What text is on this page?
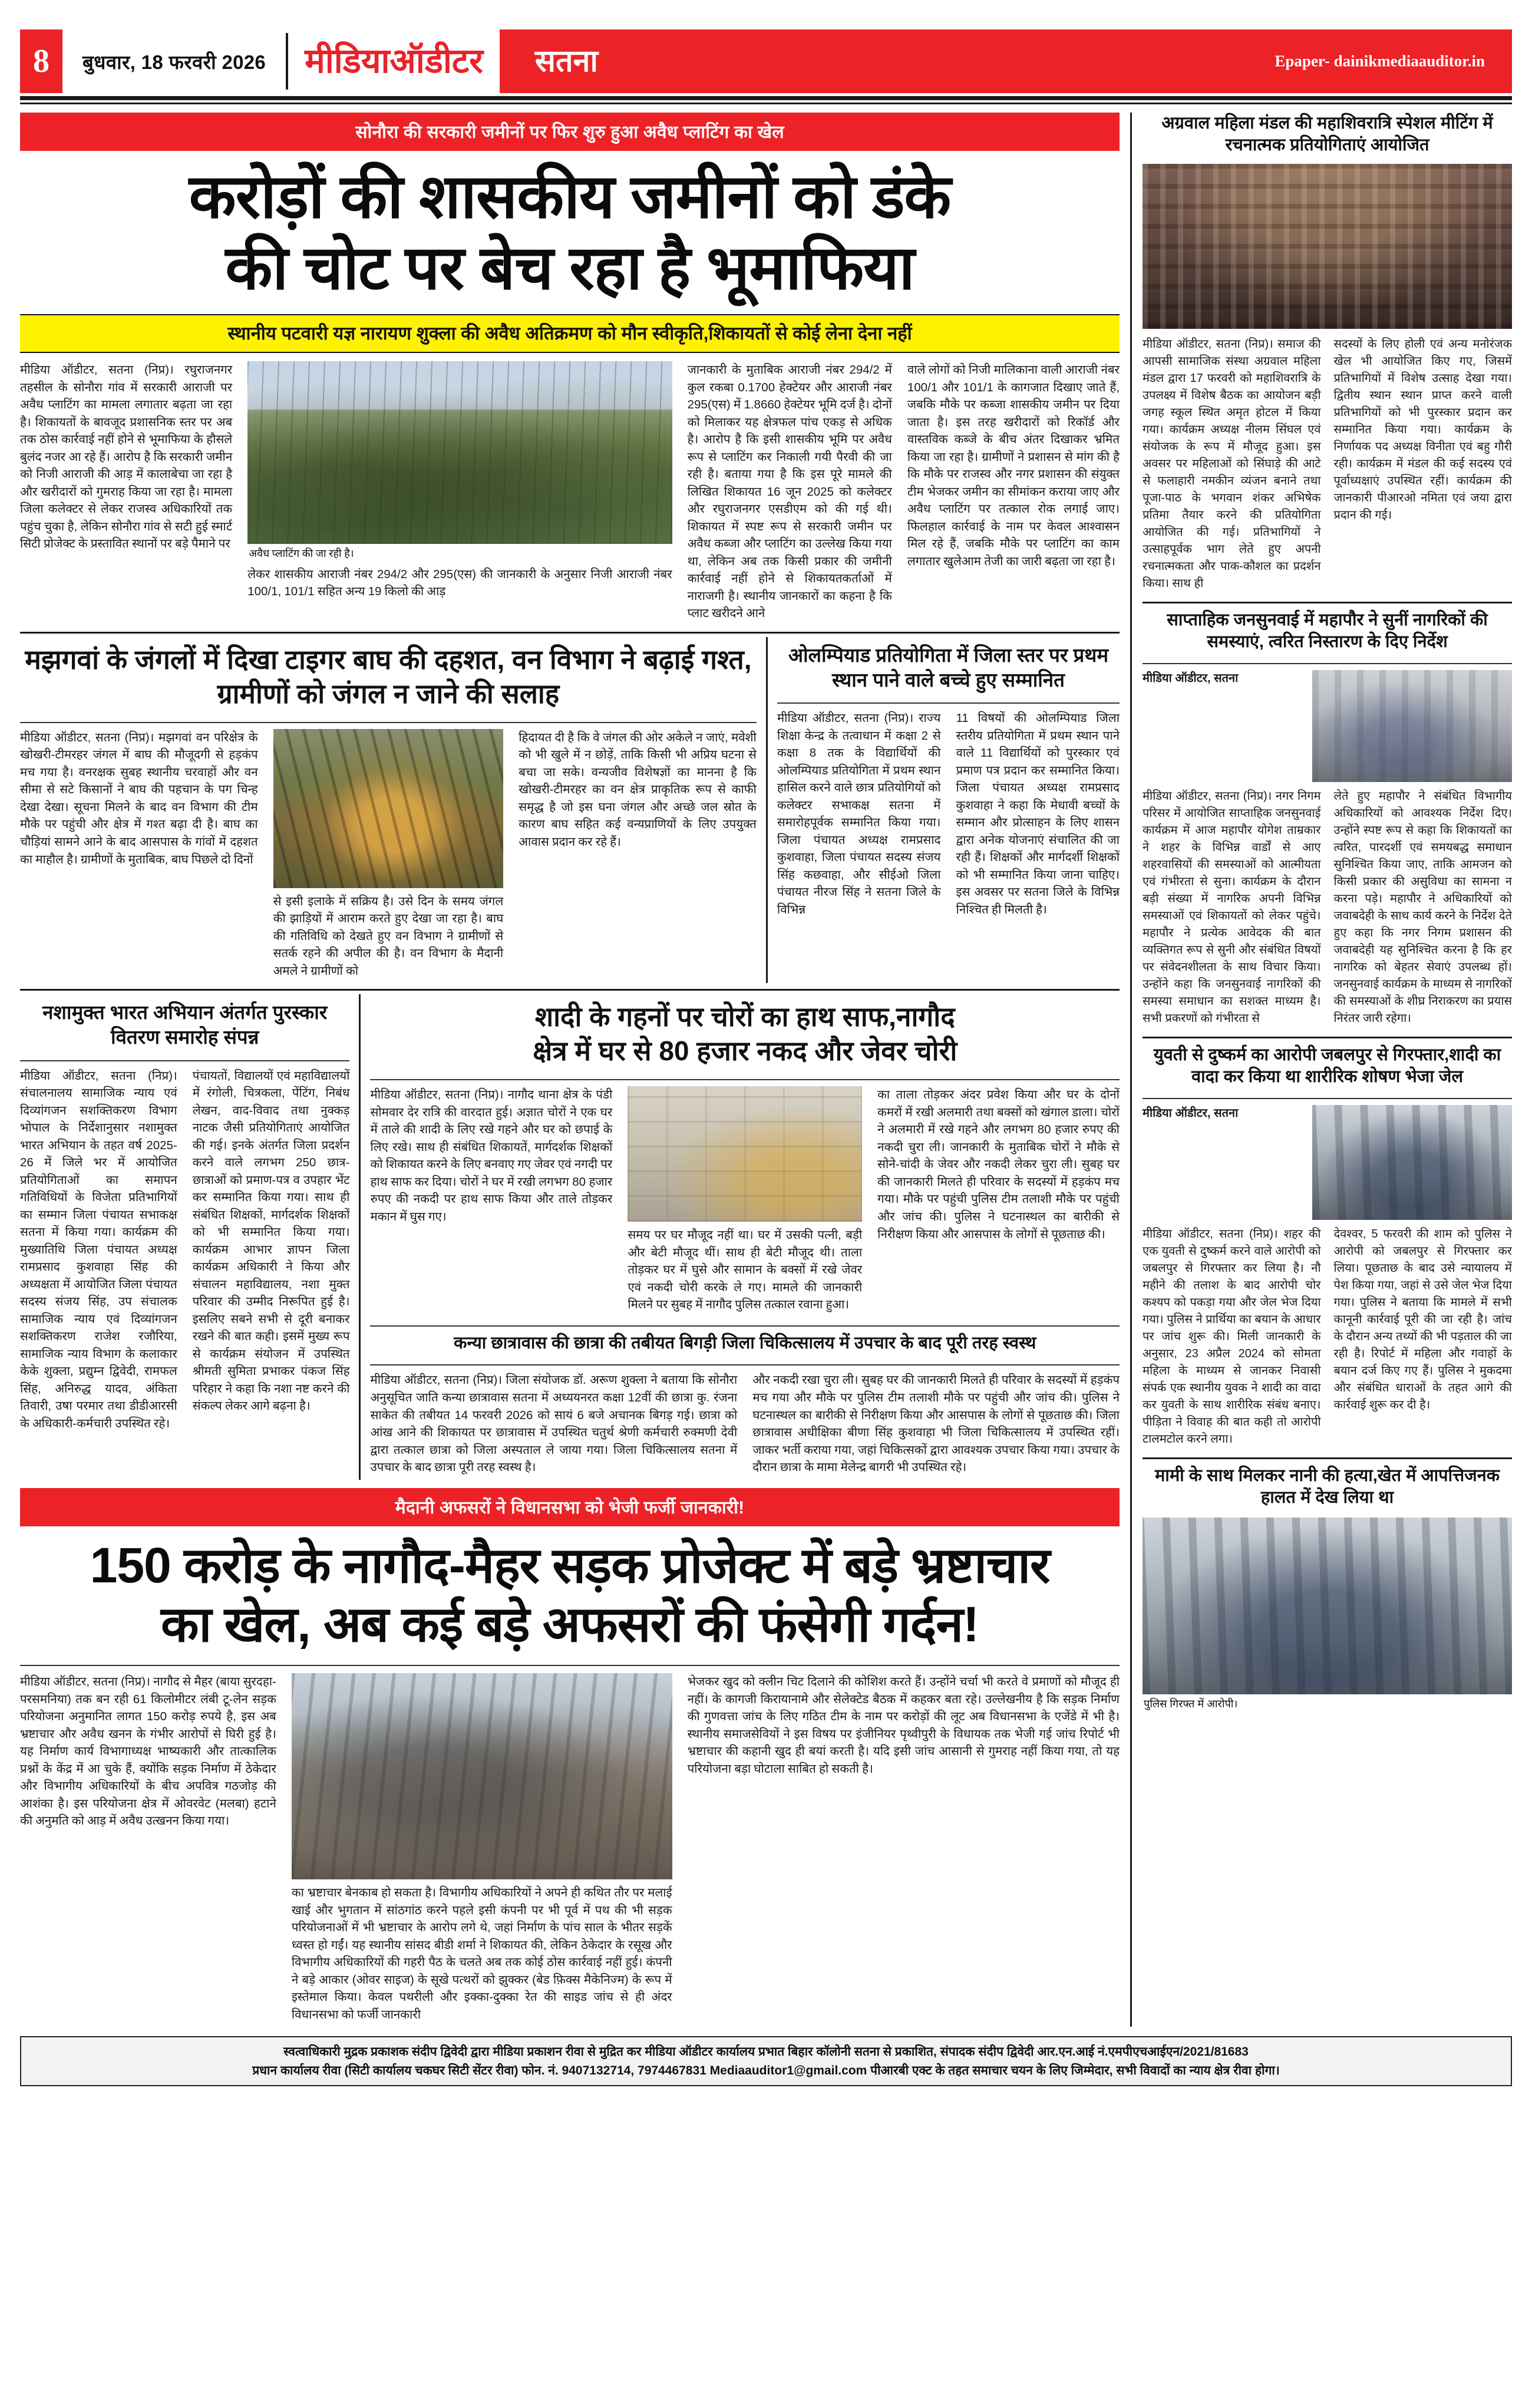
8	बुधवार, 18 फरवरी 2026	मीडियाऑडीटर	सतना	Epaper- dainikmediaauditor.in
सोनौरा की सरकारी जमीनों पर फिर शुरु हुआ अवैध प्लाटिंग का खेल
करोड़ों की शासकीय जमीनों को डंके
की चोट पर बेच रहा है भूमाफिया
स्थानीय पटवारी यज्ञ नारायण शुक्ला की अवैध अतिक्रमण को मौन स्वीकृति,शिकायतों से कोई लेना देना नहीं

मीडिया ऑडीटर, सतना (निप्र)। रघुराजनगर तहसील के सोनौरा गांव में सरकारी आराजी पर अवैध प्लाटिंग का मामला लगातार बढ़ता जा रहा है। शिकायतों के बावजूद प्रशासनिक स्तर पर अब तक ठोस कार्रवाई नहीं होने से भूमाफिया के हौसले बुलंद नजर आ रहे हैं। आरोप है कि सरकारी जमीन को निजी आराजी की आड़ में कालाबेचा जा रहा है और खरीदारों को गुमराह किया जा रहा है। मामला जिला कलेक्टर से लेकर राजस्व अधिकारियों तक पहुंच चुका है, लेकिन सोनौरा गांव से सटी हुई स्मार्ट सिटी प्रोजेक्ट के प्रस्तावित स्थानों पर बड़े पैमाने पर

अवैध प्लाटिंग की जा रही है।

लेकर शासकीय आराजी नंबर 294/2 और 295(एस) की जानकारी के अनुसार निजी आराजी नंबर 100/1, 101/1 सहित अन्य 19 किलो की आड़

जानकारी के मुताबिक आराजी नंबर 294/2 में कुल रकबा 0.1700 हेक्टेयर और आराजी नंबर 295(एस) में 1.8660 हेक्टेयर भूमि दर्ज है। दोनों को मिलाकर यह क्षेत्रफल पांच एकड़ से अधिक है। आरोप है कि इसी शासकीय भूमि पर अवैध रूप से प्लाटिंग कर निकाली गयी पैरवी की जा रही है। बताया गया है कि इस पूरे मामले की लिखित शिकायत 16 जून 2025 को कलेक्टर और रघुराजनगर एसडीएम को की गई थी। शिकायत में स्पष्ट रूप से सरकारी जमीन पर अवैध कब्जा और प्लाटिंग का उल्लेख किया गया था, लेकिन अब तक किसी प्रकार की जमीनी कार्रवाई नहीं होने से शिकायतकर्ताओं में नाराजगी है। स्थानीय जानकारों का कहना है कि प्लाट खरीदने आने

वाले लोगों को निजी मालिकाना वाली आराजी नंबर 100/1 और 101/1 के कागजात दिखाए जाते हैं, जबकि मौके पर कब्जा शासकीय जमीन पर दिया जाता है। इस तरह खरीदारों को रिकॉर्ड और वास्तविक कब्जे के बीच अंतर दिखाकर भ्रमित किया जा रहा है। ग्रामीणों ने प्रशासन से मांग की है कि मौके पर राजस्व और नगर प्रशासन की संयुक्त टीम भेजकर जमीन का सीमांकन कराया जाए और अवैध प्लाटिंग पर तत्काल रोक लगाई जाए। फिलहाल कार्रवाई के नाम पर केवल आश्वासन मिल रहे हैं, जबकि मौके पर प्लाटिंग का काम लगातार खुलेआम तेजी का जारी बढ़ता जा रहा है।

मझगवां के जंगलों में दिखा टाइगर बाघ की दहशत, वन विभाग ने बढ़ाई गश्त, ग्रामीणों को जंगल न जाने की सलाह

मीडिया ऑडीटर, सतना (निप्र)। मझगवां वन परिक्षेत्र के खोखरी-टीमरहर जंगल में बाघ की मौजूदगी से हड़कंप मच गया है। वनरक्षक सुबह स्थानीय चरवाहों और वन सीमा से सटे किसानों ने बाघ की पहचान के पग चिन्ह देखा देखा। सूचना मिलने के बाद वन विभाग की टीम मौके पर पहुंची और क्षेत्र में गश्त बढ़ा दी है। बाघ का चौड़ियां सामने आने के बाद आसपास के गांवों में दहशत का माहौल है। ग्रामीणों के मुताबिक, बाघ पिछले दो दिनों

से इसी इलाके में सक्रिय है। उसे दिन के समय जंगल की झाड़ियों में आराम करते हुए देखा जा रहा है। बाघ की गतिविधि को देखते हुए वन विभाग ने ग्रामीणों से सतर्क रहने की अपील की है। वन विभाग के मैदानी अमले ने ग्रामीणों को

हिदायत दी है कि वे जंगल की ओर अकेले न जाएं, मवेशी को भी खुले में न छोड़ें, ताकि किसी भी अप्रिय घटना से बचा जा सके। वन्यजीव विशेषज्ञों का मानना है कि खोखरी-टीमरहर का वन क्षेत्र प्राकृतिक रूप से काफी समृद्ध है जो इस घना जंगल और अच्छे जल स्रोत के कारण बाघ सहित कई वन्यप्राणियों के लिए उपयुक्त आवास प्रदान कर रहे हैं।

ओलम्पियाड प्रतियोगिता में जिला स्तर पर प्रथम स्थान पाने वाले बच्चे हुए सम्मानित

मीडिया ऑडीटर, सतना (निप्र)। राज्य शिक्षा केन्द्र के तत्वाधान में कक्षा 2 से कक्षा 8 तक के विद्यार्थियों की ओलम्पियाड प्रतियोगिता में प्रथम स्थान हासिल करने वाले छात्र प्रतियोगियों को कलेक्टर सभाकक्ष सतना में समारोहपूर्वक सम्मानित किया गया। जिला पंचायत अध्यक्ष रामप्रसाद कुशवाहा, जिला पंचायत सदस्य संजय सिंह कछवाहा, और सीईओ जिला पंचायत नीरज सिंह ने सतना जिले के विभिन्न

11 विषयों की ओलम्पियाड जिला स्तरीय प्रतियोगिता में प्रथम स्थान पाने वाले 11 विद्यार्थियों को पुरस्कार एवं प्रमाण पत्र प्रदान कर सम्मानित किया। जिला पंचायत अध्यक्ष रामप्रसाद कुशवाहा ने कहा कि मेधावी बच्चों के सम्मान और प्रोत्साहन के लिए शासन द्वारा अनेक योजनाएं संचालित की जा रही हैं। शिक्षकों और मार्गदर्शी शिक्षकों को भी सम्मानित किया जाना चाहिए। इस अवसर पर सतना जिले के विभिन्न निश्चित ही मिलती है।

नशामुक्त भारत अभियान अंतर्गत पुरस्कार वितरण समारोह संपन्न

मीडिया ऑडीटर, सतना (निप्र)। संचालनालय सामाजिक न्याय एवं दिव्यांगजन सशक्तिकरण विभाग भोपाल के निर्देशानुसार नशामुक्त भारत अभियान के तहत वर्ष 2025-26 में जिले भर में आयोजित प्रतियोगिताओं का समापन गतिविधियों के विजेता प्रतिभागियों का सम्मान जिला पंचायत सभाकक्ष सतना में किया गया। कार्यक्रम की मुख्यातिथि जिला पंचायत अध्यक्ष रामप्रसाद कुशवाहा सिंह की अध्यक्षता में आयोजित जिला पंचायत सदस्य संजय सिंह, उप संचालक सामाजिक न्याय एवं दिव्यांगजन सशक्तिकरण राजेश रजौरिया, सामाजिक न्याय विभाग के कलाकार केके शुक्ला, प्रद्युम्न द्विवेदी, रामफल सिंह, अनिरुद्ध यादव, अंकिता तिवारी, उषा परमार तथा डीडीआरसी के अधिकारी-कर्मचारी उपस्थित रहे।

पंचायतों, विद्यालयों एवं महाविद्यालयों में रंगोली, चित्रकला, पेंटिंग, निबंध लेखन, वाद-विवाद तथा नुक्कड़ नाटक जैसी प्रतियोगिताएं आयोजित की गई। इनके अंतर्गत जिला प्रदर्शन करने वाले लगभग 250 छात्र-छात्राओं को प्रमाण-पत्र व उपहार भेंट कर सम्मानित किया गया। साथ ही संबंधित शिक्षकों, मार्गदर्शक शिक्षकों को भी सम्मानित किया गया। कार्यक्रम आभार ज्ञापन जिला कार्यक्रम अधिकारी ने किया और संचालन महाविद्यालय, नशा मुक्त परिवार की उम्मीद निरूपित हुई है। इसलिए सबने सभी से दूरी बनाकर रखने की बात कही। इसमें मुख्य रूप से कार्यक्रम संयोजन में उपस्थित श्रीमती सुमिता प्रभाकर पंकज सिंह परिहार ने कहा कि नशा नष्ट करने की संकल्प लेकर आगे बढ़ना है।

शादी के गहनों पर चोरों का हाथ साफ,नागौद
क्षेत्र में घर से 80 हजार नकद और जेवर चोरी

मीडिया ऑडीटर, सतना (निप्र)। नागौद थाना क्षेत्र के पंडी सोमवार देर रात्रि की वारदात हुई। अज्ञात चोरों ने एक घर में ताले की शादी के लिए रखे गहने और घर को छपाई के लिए रखे। साथ ही संबंधित शिकायतें, मार्गदर्शक शिक्षकों को शिकायत करने के लिए बनवाए गए जेवर एवं नगदी पर हाथ साफ कर दिया। चोरों ने घर में रखी लगभग 80 हजार रुपए की नकदी पर हाथ साफ किया और ताले तोड़कर मकान में घुस गए।

समय पर घर मौजूद नहीं था। घर में उसकी पत्नी, बड़ी और बेटी मौजूद थीं। साथ ही बेटी मौजूद थी। ताला तोड़कर घर में घुसे और सामान के बक्सों में रखे जेवर एवं नकदी चोरी करके ले गए। मामले की जानकारी मिलने पर सुबह में नागौद पुलिस तत्काल रवाना हुआ।

का ताला तोड़कर अंदर प्रवेश किया और घर के दोनों कमरों में रखी अलमारी तथा बक्सों को खंगाल डाला। चोरों ने अलमारी में रखे गहने और लगभग 80 हजार रुपए की नकदी चुरा ली। जानकारी के मुताबिक चोरों ने मौके से सोने-चांदी के जेवर और नकदी लेकर चुरा ली। सुबह घर की जानकारी मिलते ही परिवार के सदस्यों में हड़कंप मच गया। मौके पर पहुंची पुलिस टीम तलाशी मौके पर पहुंची और जांच की। पुलिस ने घटनास्थल का बारीकी से निरीक्षण किया और आसपास के लोगों से पूछताछ की।

कन्या छात्रावास की छात्रा की तबीयत बिगड़ी जिला चिकित्सालय में उपचार के बाद पूरी तरह स्वस्थ

मीडिया ऑडीटर, सतना (निप्र)। जिला संयोजक डॉ. अरूण शुक्ला ने बताया कि सोनौरा अनुसूचित जाति कन्या छात्रावास सतना में अध्ययनरत कक्षा 12वीं की छात्रा कु. रंजना साकेत की तबीयत 14 फरवरी 2026 को सायं 6 बजे अचानक बिगड़ गई। छात्रा को आंख आने की शिकायत पर छात्रावास में उपस्थित चतुर्थ श्रेणी कर्मचारी रुक्मणी देवी द्वारा तत्काल छात्रा को जिला अस्पताल ले जाया गया। जिला चिकित्सालय सतना में उपचार के बाद छात्रा पूरी तरह स्वस्थ है।

और नकदी रखा चुरा ली। सुबह घर की जानकारी मिलते ही परिवार के सदस्यों में हड़कंप मच गया और मौके पर पुलिस टीम तलाशी मौके पर पहुंची और जांच की। पुलिस ने घटनास्थल का बारीकी से निरीक्षण किया और आसपास के लोगों से पूछताछ की। जिला छात्रावास अधीक्षिका बीणा सिंह कुशवाहा भी जिला चिकित्सालय में उपस्थित रहीं। जाकर भर्ती कराया गया, जहां चिकित्सकों द्वारा आवश्यक उपचार किया गया। उपचार के दौरान छात्रा के मामा मेलेन्द्र बागरी भी उपस्थित रहे।

मैदानी अफसरों ने विधानसभा को भेजी फर्जी जानकारी!
150 करोड़ के नागौद-मैहर सड़क प्रोजेक्ट में बड़े भ्रष्टाचार
का खेल, अब कई बड़े अफसरों की फंसेगी गर्दन!

मीडिया ऑडीटर, सतना (निप्र)। नागौद से मैहर (बाया सुरदहा-परसमनिया) तक बन रही 61 किलोमीटर लंबी टू-लेन सड़क परियोजना अनुमानित लागत 150 करोड़ रुपये है, इस अब भ्रष्टाचार और अवैध खनन के गंभीर आरोपों से घिरी हुई है। यह निर्माण कार्य विभागाध्यक्ष भाष्यकारी और तात्कालिक प्रश्नों के केंद्र में आ चुके हैं, क्योंकि सड़क निर्माण में ठेकेदार और विभागीय अधिकारियों के बीच अपवित्र गठजोड़ की आशंका है। इस परियोजना क्षेत्र में ओवरवेट (मलबा) हटाने की अनुमति को आड़ में अवैध उत्खनन किया गया।

का भ्रष्टाचार बेनकाब हो सकता है। विभागीय अधिकारियों ने अपने ही कथित तौर पर मलाई खाई और भुगतान में सांठगांठ करने पहले इसी कंपनी पर भी पूर्व में पथ की भी सड़क परियोजनाओं में भी भ्रष्टाचार के आरोप लगे थे, जहां निर्माण के पांच साल के भीतर सड़कें ध्वस्त हो गईं। यह स्थानीय सांसद बीडी शर्मा ने शिकायत की, लेकिन ठेकेदार के रसूख और विभागीय अधिकारियों की गहरी पैठ के चलते अब तक कोई ठोस कार्रवाई नहीं हुई। कंपनी ने बड़े आकार (ओवर साइज) के सूखे पत्थरों को झुक्कर (बेड फ़िक्स मैकेनिज्म) के रूप में इस्तेमाल किया। केवल पथरीली और इक्का-दुक्का रेत की साइड जांच से ही अंदर विधानसभा को फर्जी जानकारी

भेजकर खुद को क्लीन चिट दिलाने की कोशिश करते हैं। उन्होंने चर्चा भी करते वे प्रमाणों को मौजूद ही नहीं। के कागजी किरायानामे और सेलेक्टेड बैठक में कहकर बता रहे। उल्लेखनीय है कि सड़क निर्माण की गुणवत्ता जांच के लिए गठित टीम के नाम पर करोड़ों की लूट अब विधानसभा के एजेंडे में भी है। स्थानीय समाजसेवियों ने इस विषय पर इंजीनियर पृथ्वीपुरी के विधायक तक भेजी गई जांच रिपोर्ट भी भ्रष्टाचार की कहानी खुद ही बयां करती है। यदि इसी जांच आसानी से गुमराह नहीं किया गया, तो यह परियोजना बड़ा घोटाला साबित हो सकती है।

अग्रवाल महिला मंडल की महाशिवरात्रि स्पेशल मीटिंग में रचनात्मक प्रतियोगिताएं आयोजित

मीडिया ऑडीटर, सतना (निप्र)। समाज की आपसी सामाजिक संस्था अग्रवाल महिला मंडल द्वारा 17 फरवरी को महाशिवरात्रि के उपलक्ष्य में विशेष बैठक का आयोजन बड़ी जगह स्कूल स्थित अमृत होटल में किया गया। कार्यक्रम अध्यक्ष नीलम सिंघल एवं संयोजक के रूप में मौजूद हुआ। इस अवसर पर महिलाओं को सिंघाड़े की आटे से फलाहारी नमकीन व्यंजन बनाने तथा पूजा-पाठ के भगवान शंकर अभिषेक प्रतिमा तैयार करने की प्रतियोगिता आयोजित की गई। प्रतिभागियों ने उत्साहपूर्वक भाग लेते हुए अपनी रचनात्मकता और पाक-कौशल का प्रदर्शन किया। साथ ही

सदस्यों के लिए होली एवं अन्य मनोरंजक खेल भी आयोजित किए गए, जिसमें प्रतिभागियों में विशेष उत्साह देखा गया। द्वितीय स्थान स्थान प्राप्त करने वाली प्रतिभागियों को भी पुरस्कार प्रदान कर सम्मानित किया गया। कार्यक्रम के निर्णायक पद अध्यक्ष विनीता एवं बहु गौरी रही। कार्यक्रम में मंडल की कई सदस्य एवं पूर्वाध्यक्षाएं उपस्थित रहीं। कार्यक्रम की जानकारी पीआरओ नमिता एवं जया द्वारा प्रदान की गई।

साप्ताहिक जनसुनवाई में महापौर ने सुनीं नागरिकों की समस्याएं, त्वरित निस्तारण के दिए निर्देश

मीडिया ऑडीटर, सतना

मीडिया ऑडीटर, सतना (निप्र)। नगर निगम परिसर में आयोजित साप्ताहिक जनसुनवाई कार्यक्रम में आज महापौर योगेश ताम्रकार ने शहर के विभिन्न वार्डों से आए शहरवासियों की समस्याओं को आत्मीयता एवं गंभीरता से सुना। कार्यक्रम के दौरान बड़ी संख्या में नागरिक अपनी विभिन्न समस्याओं एवं शिकायतों को लेकर पहुंचे। महापौर ने प्रत्येक आवेदक की बात व्यक्तिगत रूप से सुनी और संबंधित विषयों पर संवेदनशीलता के साथ विचार किया। उन्होंने कहा कि जनसुनवाई नागरिकों की समस्या समाधान का सशक्त माध्यम है। सभी प्रकरणों को गंभीरता से

लेते हुए महापौर ने संबंधित विभागीय अधिकारियों को आवश्यक निर्देश दिए। उन्होंने स्पष्ट रूप से कहा कि शिकायतों का त्वरित, पारदर्शी एवं समयबद्ध समाधान सुनिश्चित किया जाए, ताकि आमजन को किसी प्रकार की असुविधा का सामना न करना पड़े। महापौर ने अधिकारियों को जवाबदेही के साथ कार्य करने के निर्देश देते हुए कहा कि नगर निगम प्रशासन की जवाबदेही यह सुनिश्चित करना है कि हर नागरिक को बेहतर सेवाएं उपलब्ध हों। जनसुनवाई कार्यक्रम के माध्यम से नागरिकों की समस्याओं के शीघ्र निराकरण का प्रयास निरंतर जारी रहेगा।

युवती से दुष्कर्म का आरोपी जबलपुर से गिरफ्तार,शादी का वादा कर किया था शारीरिक शोषण भेजा जेल

मीडिया ऑडीटर, सतना

मीडिया ऑडीटर, सतना (निप्र)। शहर की एक युवती से दुष्कर्म करने वाले आरोपी को जबलपुर से गिरफ्तार कर लिया है। नौ महीने की तलाश के बाद आरोपी चोर कश्यप को पकड़ा गया और जेल भेज दिया गया। पुलिस ने प्रार्थिया का बयान के आधार पर जांच शुरू की। मिली जानकारी के अनुसार, 23 अप्रैल 2024 को सोमता महिला के माध्यम से जानकर निवासी संपर्क एक स्थानीय युवक ने शादी का वादा कर युवती के साथ शारीरिक संबंध बनाए। पीड़िता ने विवाह की बात कही तो आरोपी टालमटोल करने लगा।

देवश्वर, 5 फरवरी की शाम को पुलिस ने आरोपी को जबलपुर से गिरफ्तार कर लिया। पूछताछ के बाद उसे न्यायालय में पेश किया गया, जहां से उसे जेल भेज दिया गया। पुलिस ने बताया कि मामले में सभी कानूनी कार्रवाई पूरी की जा रही है। जांच के दौरान अन्य तथ्यों की भी पड़ताल की जा रही है। रिपोर्ट में महिला और गवाहों के बयान दर्ज किए गए हैं। पुलिस ने मुकदमा और संबंधित धाराओं के तहत आगे की कार्रवाई शुरू कर दी है।

मामी के साथ मिलकर नानी की हत्या,खेत में आपत्तिजनक हालत में देख लिया था
पुलिस गिरफ्त में आरोपी।
स्वत्वाधिकारी मुद्रक प्रकाशक संदीप द्विवेदी द्वारा मीडिया प्रकाशन रीवा से मुद्रित कर मीडिया ऑडीटर कार्यालय प्रभात बिहार कॉलोनी सतना से प्रकाशित, संपादक संदीप द्विवेदी आर.एन.आई नं.एमपीएचआईएन/2021/81683
प्रधान कार्यालय रीवा (सिटी कार्यालय चकघर सिटी सेंटर रीवा) फोन. नं. 9407132714, 7974467831 Mediaauditor1@gmail.com पीआरबी एक्ट के तहत समाचार चयन के लिए जिम्मेदार, सभी विवादों का न्याय क्षेत्र रीवा होगा।
